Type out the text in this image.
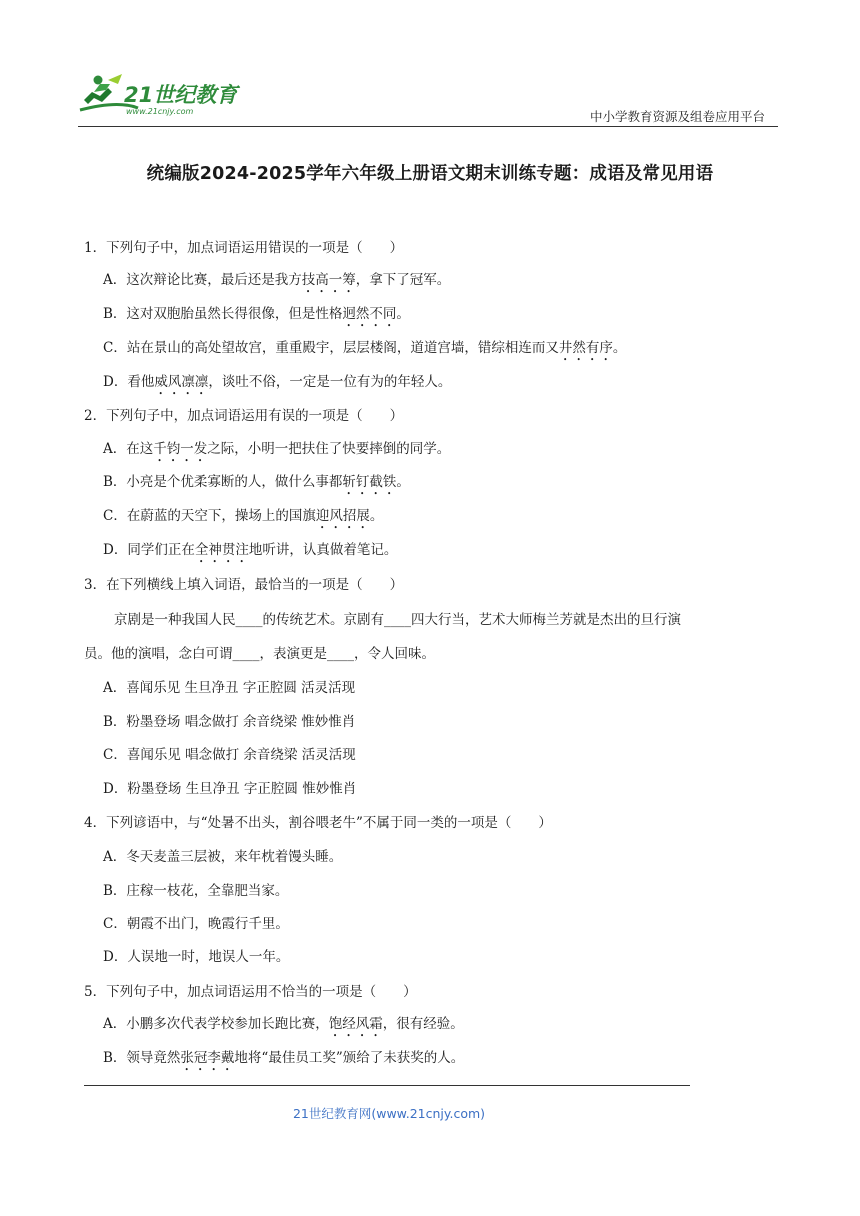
21世纪教育
www.21cnjy.com	中小学教育资源及组卷应用平台
统编版2024-2025学年六年级上册语文期末训练专题：成语及常见用语
1．下列句子中，加点词语运用错误的一项是（　　）
A．这次辩论比赛，最后还是我方技高一筹，拿下了冠军。
B．这对双胞胎虽然长得很像，但是性格迥然不同。
C．站在景山的高处望故宫，重重殿宇，层层楼阁，道道宫墙，错综相连而又井然有序。
D．看他威风凛凛，谈吐不俗，一定是一位有为的年轻人。
2．下列句子中，加点词语运用有误的一项是（　　）
A．在这千钧一发之际，小明一把扶住了快要摔倒的同学。
B．小亮是个优柔寡断的人，做什么事都斩钉截铁。
C．在蔚蓝的天空下，操场上的国旗迎风招展。
D．同学们正在全神贯注地听讲，认真做着笔记。
3．在下列横线上填入词语，最恰当的一项是（　　）
京剧是一种我国人民____的传统艺术。京剧有____四大行当，艺术大师梅兰芳就是杰出的旦行演
员。他的演唱，念白可谓____，表演更是____，令人回味。
A．喜闻乐见 生旦净丑 字正腔圆 活灵活现
B．粉墨登场 唱念做打 余音绕梁 惟妙惟肖
C．喜闻乐见 唱念做打 余音绕梁 活灵活现
D．粉墨登场 生旦净丑 字正腔圆 惟妙惟肖
4．下列谚语中，与“处暑不出头，割谷喂老牛”不属于同一类的一项是（　　）
A．冬天麦盖三层被，来年枕着馒头睡。
B．庄稼一枝花，全靠肥当家。
C．朝霞不出门，晚霞行千里。
D．人误地一时，地误人一年。
5．下列句子中，加点词语运用不恰当的一项是（　　）
A．小鹏多次代表学校参加长跑比赛，饱经风霜，很有经验。
B．领导竟然张冠李戴地将“最佳员工奖”颁给了未获奖的人。
21世纪教育网(www.21cnjy.com)
